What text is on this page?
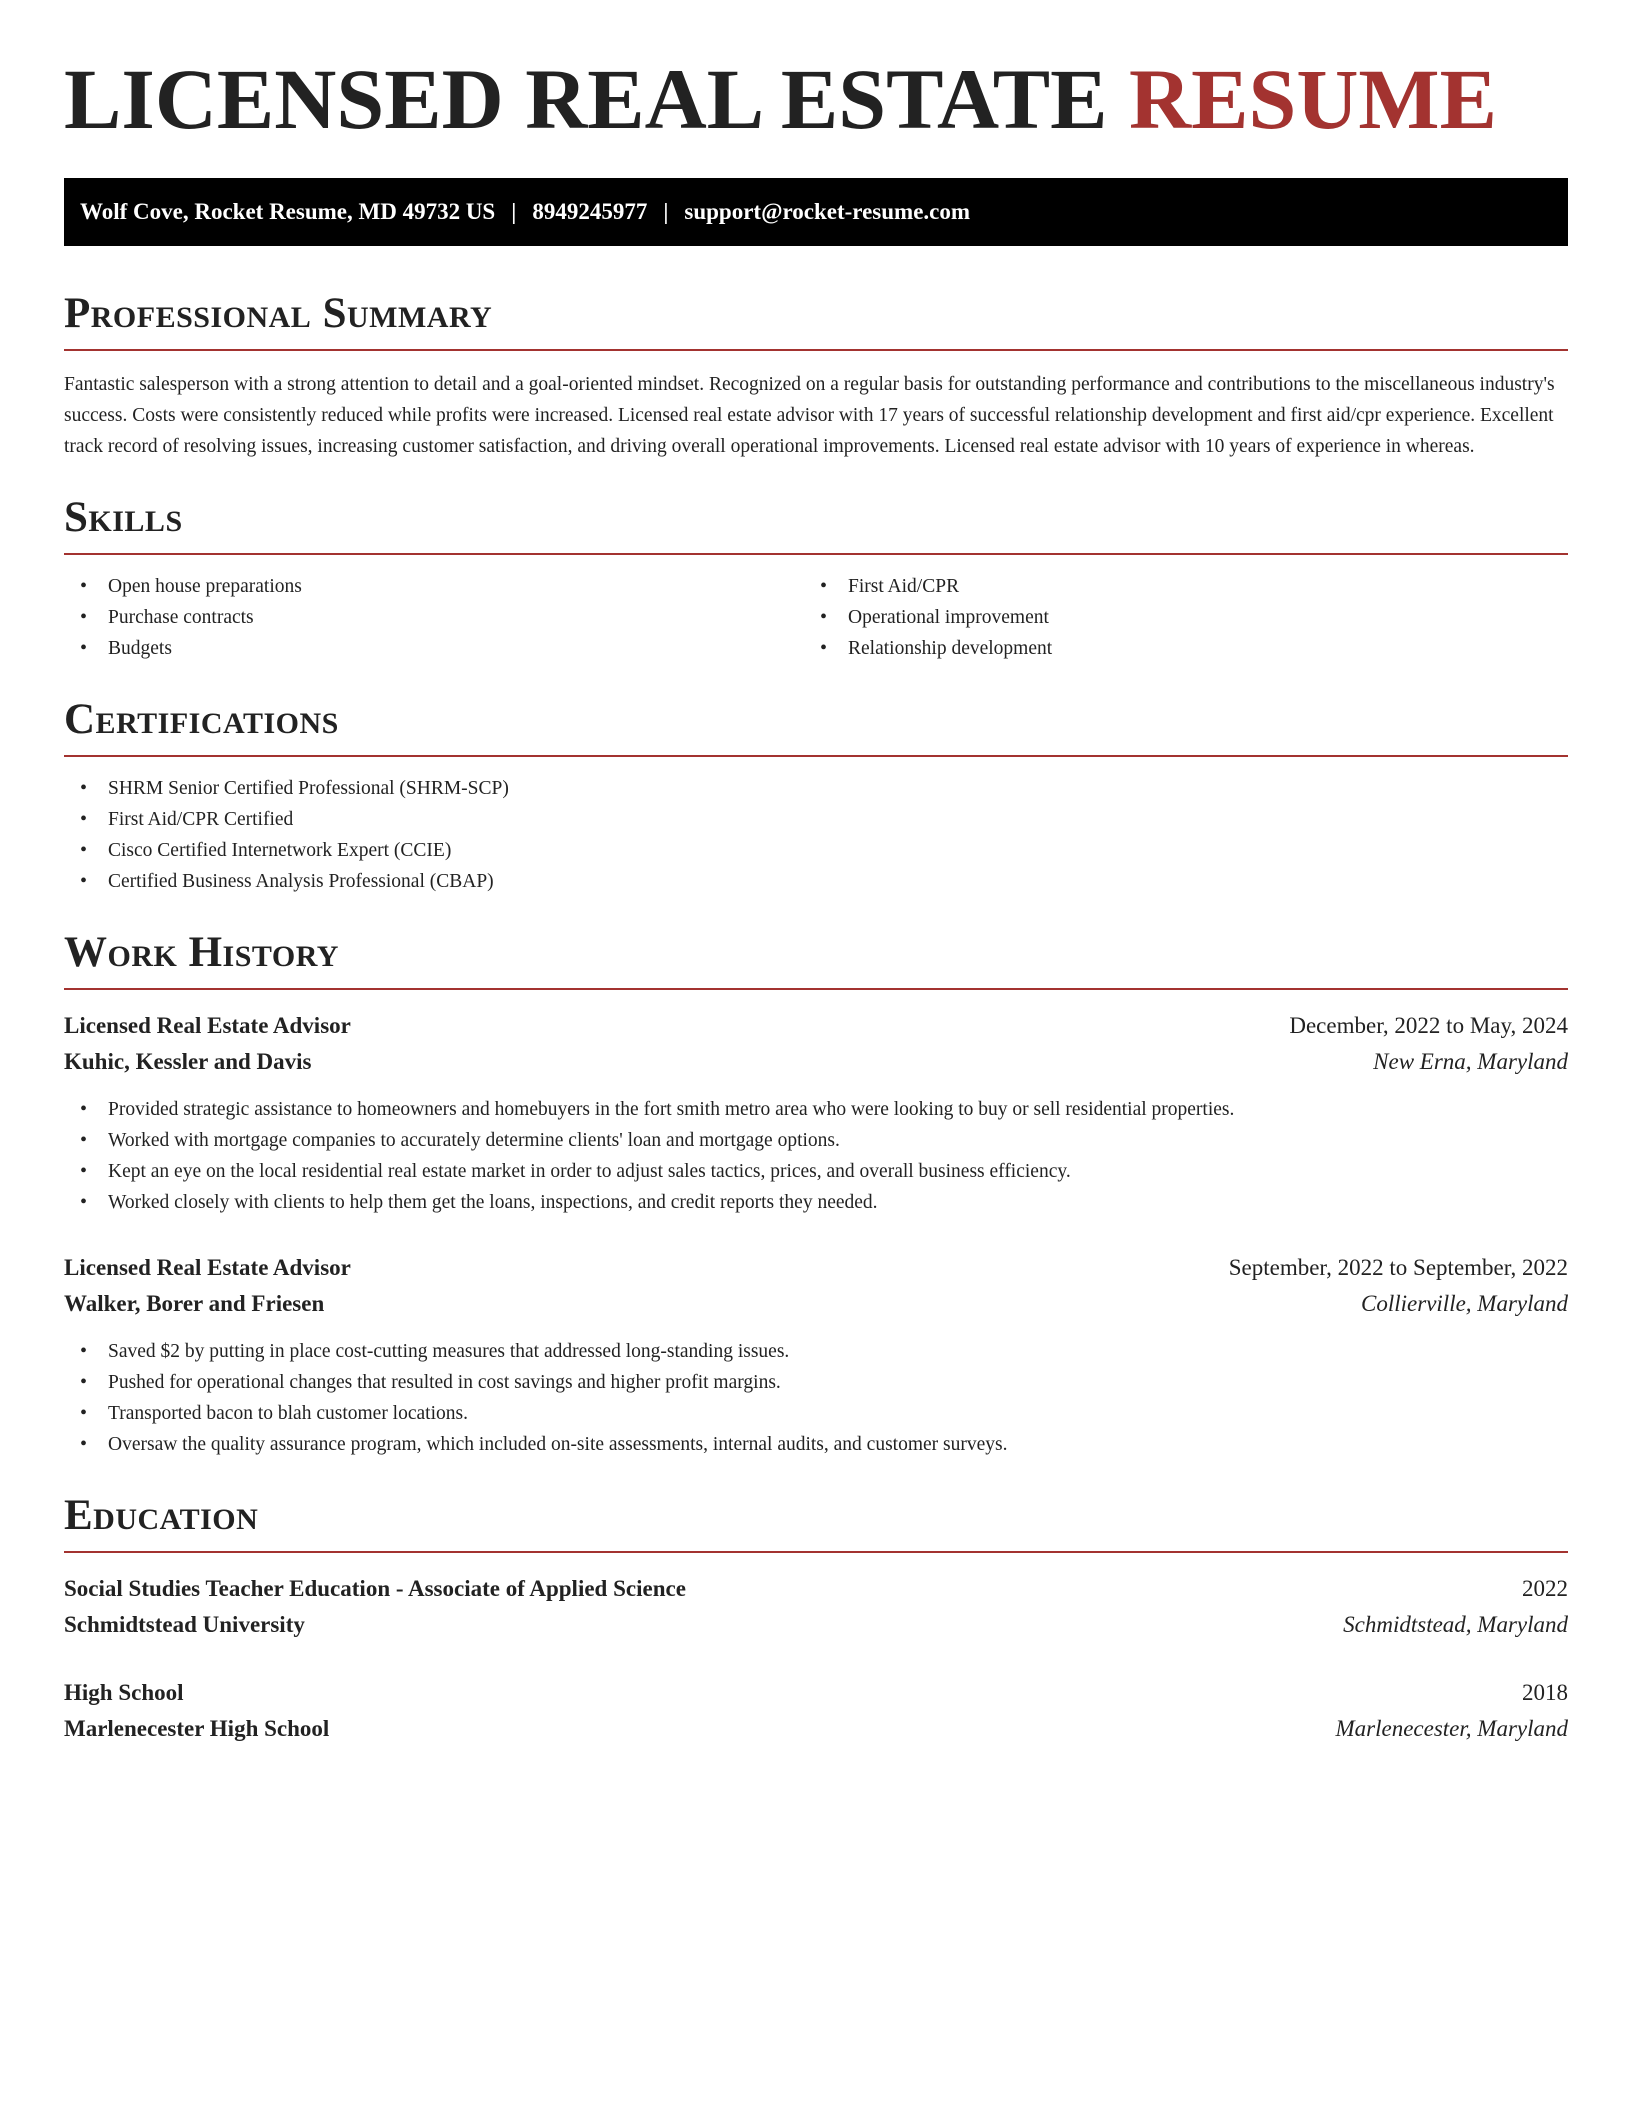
LICENSED REAL ESTATE RESUME
Wolf Cove, Rocket Resume, MD 49732 US | 8949245977 | support@rocket-resume.com
Professional Summary

Fantastic salesperson with a strong attention to detail and a goal-oriented mindset. Recognized on a regular basis for outstanding performance and contributions to the miscellaneous industry's success. Costs were consistently reduced while profits were increased. Licensed real estate advisor with 17 years of successful relationship development and first aid/cpr experience. Excellent track record of resolving issues, increasing customer satisfaction, and driving overall operational improvements. Licensed real estate advisor with 10 years of experience in whereas.

Skills
• Open house preparations
• Purchase contracts
• Budgets
• First Aid/CPR
• Operational improvement
• Relationship development
Certifications
• SHRM Senior Certified Professional (SHRM-SCP)
• First Aid/CPR Certified
• Cisco Certified Internetwork Expert (CCIE)
• Certified Business Analysis Professional (CBAP)
Work History
Licensed Real Estate Advisor	December, 2022 to May, 2024
Kuhic, Kessler and Davis	New Erna, Maryland
• Provided strategic assistance to homeowners and homebuyers in the fort smith metro area who were looking to buy or sell residential properties.
• Worked with mortgage companies to accurately determine clients' loan and mortgage options.
• Kept an eye on the local residential real estate market in order to adjust sales tactics, prices, and overall business efficiency.
• Worked closely with clients to help them get the loans, inspections, and credit reports they needed.
Licensed Real Estate Advisor	September, 2022 to September, 2022
Walker, Borer and Friesen	Collierville, Maryland
• Saved $2 by putting in place cost-cutting measures that addressed long-standing issues.
• Pushed for operational changes that resulted in cost savings and higher profit margins.
• Transported bacon to blah customer locations.
• Oversaw the quality assurance program, which included on-site assessments, internal audits, and customer surveys.
Education
Social Studies Teacher Education - Associate of Applied Science	2022
Schmidtstead University	Schmidtstead, Maryland
High School	2018
Marlenecester High School	Marlenecester, Maryland
